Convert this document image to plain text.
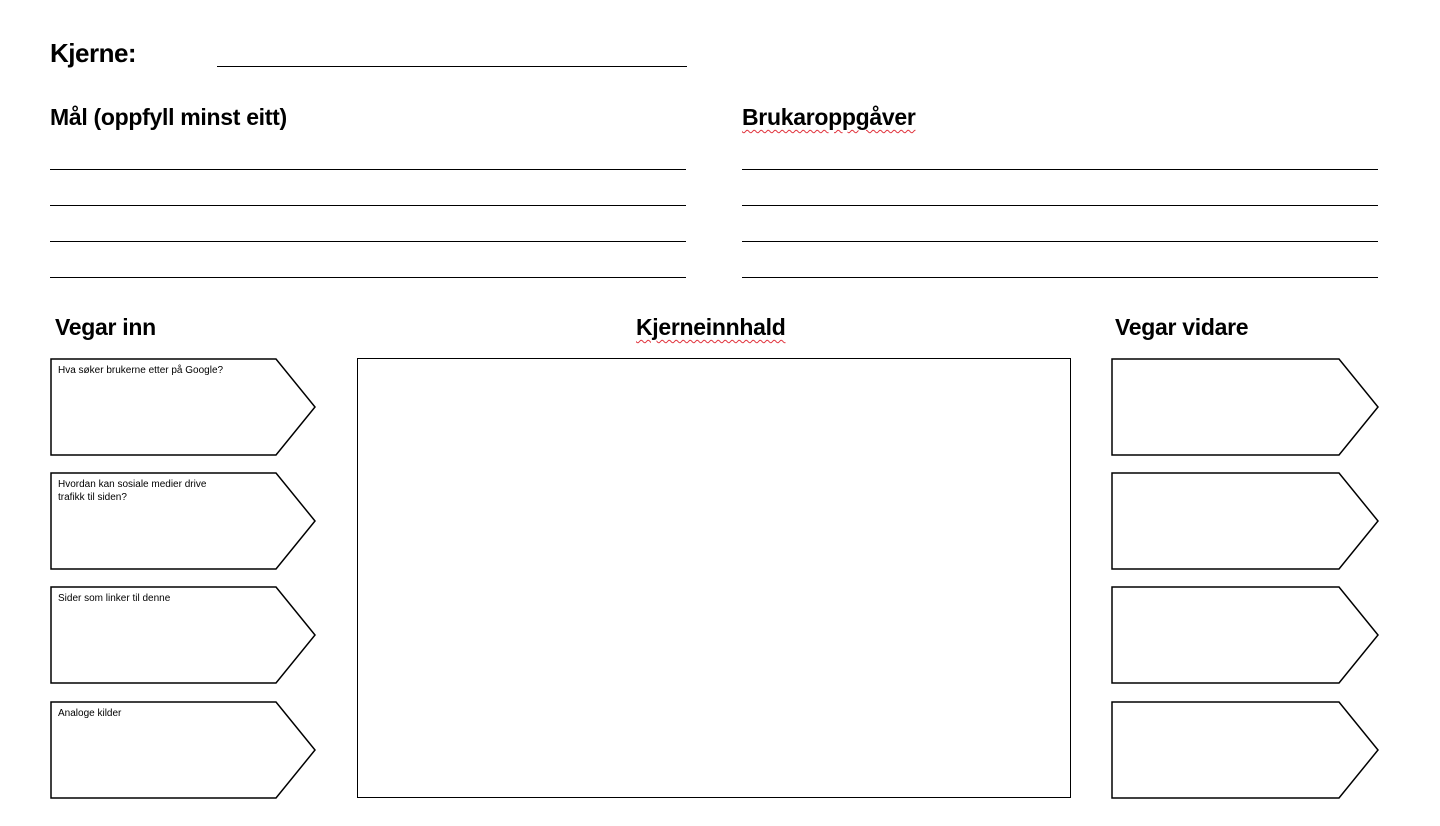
Kjerne:
Mål (oppfyll minst eitt)	Brukaroppgåver
Vegar inn	Kjerneinnhald	Vegar vidare
Hva søker brukerne etter på Google?
Hvordan kan sosiale medier drive trafikk til siden?
Sider som linker til denne
Analoge kilder
